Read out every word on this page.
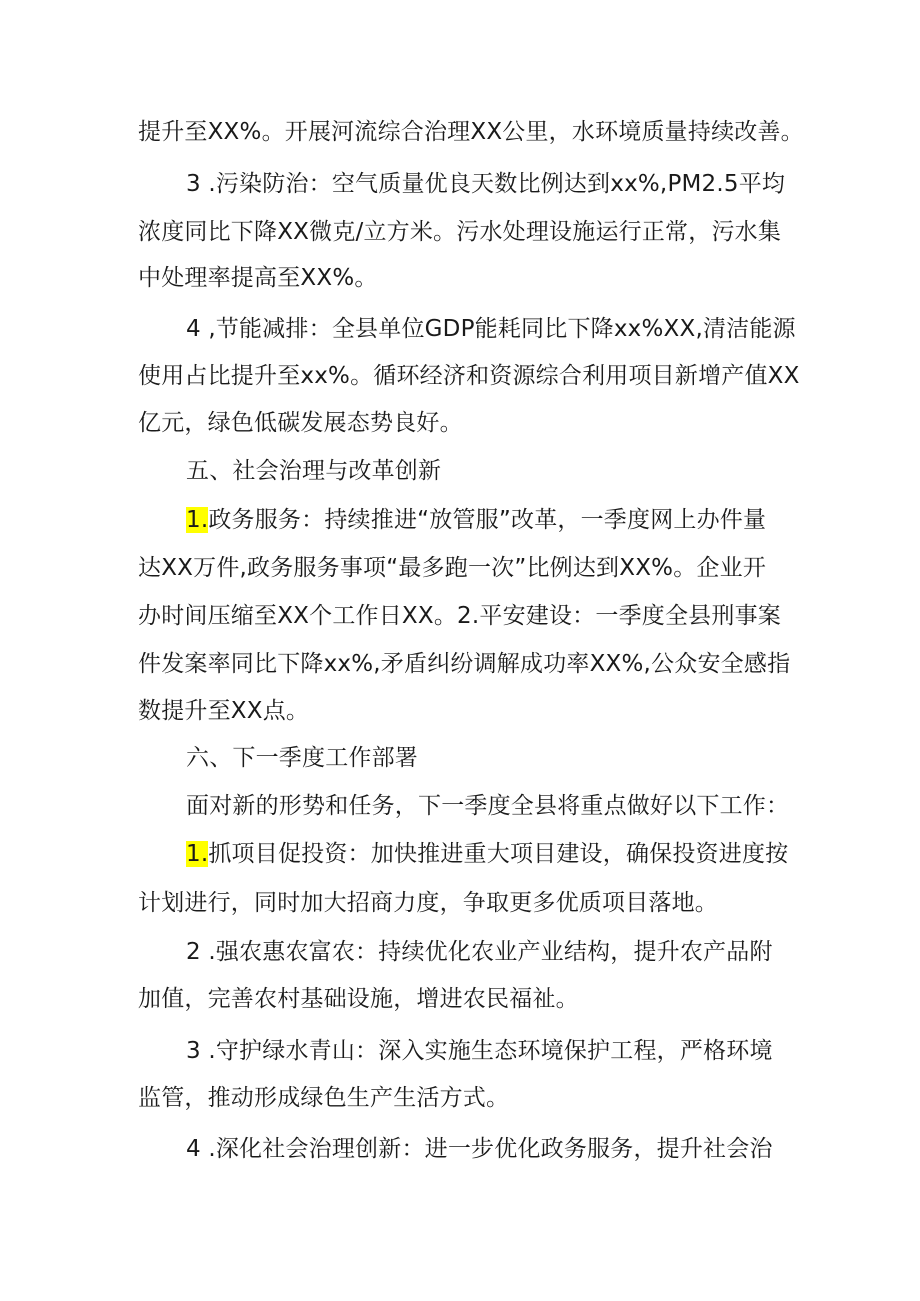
提升至XX%。开展河流综合治理XX公里，水环境质量持续改善。
3 .污染防治：空气质量优良天数比例达到xx%,PM2.5平均
浓度同比下降XX微克/立方米。污水处理设施运行正常，污水集
中处理率提高至XX%。
4 ,节能减排：全县单位GDP能耗同比下降xx%XX,清洁能源
使用占比提升至xx%。循环经济和资源综合利用项目新增产值XX
亿元，绿色低碳发展态势良好。
五、社会治理与改革创新
1.政务服务：持续推进“放管服”改革，一季度网上办件量
达XX万件,政务服务事项“最多跑一次”比例达到XX%。企业开
办时间压缩至XX个工作日XX。2.平安建设：一季度全县刑事案
件发案率同比下降xx%,矛盾纠纷调解成功率XX%,公众安全感指
数提升至XX点。
六、下一季度工作部署
面对新的形势和任务，下一季度全县将重点做好以下工作：
1.抓项目促投资：加快推进重大项目建设，确保投资进度按
计划进行，同时加大招商力度，争取更多优质项目落地。
2 .强农惠农富农：持续优化农业产业结构，提升农产品附
加值，完善农村基础设施，增进农民福祉。
3 .守护绿水青山：深入实施生态环境保护工程，严格环境
监管，推动形成绿色生产生活方式。
4 .深化社会治理创新：进一步优化政务服务，提升社会治
